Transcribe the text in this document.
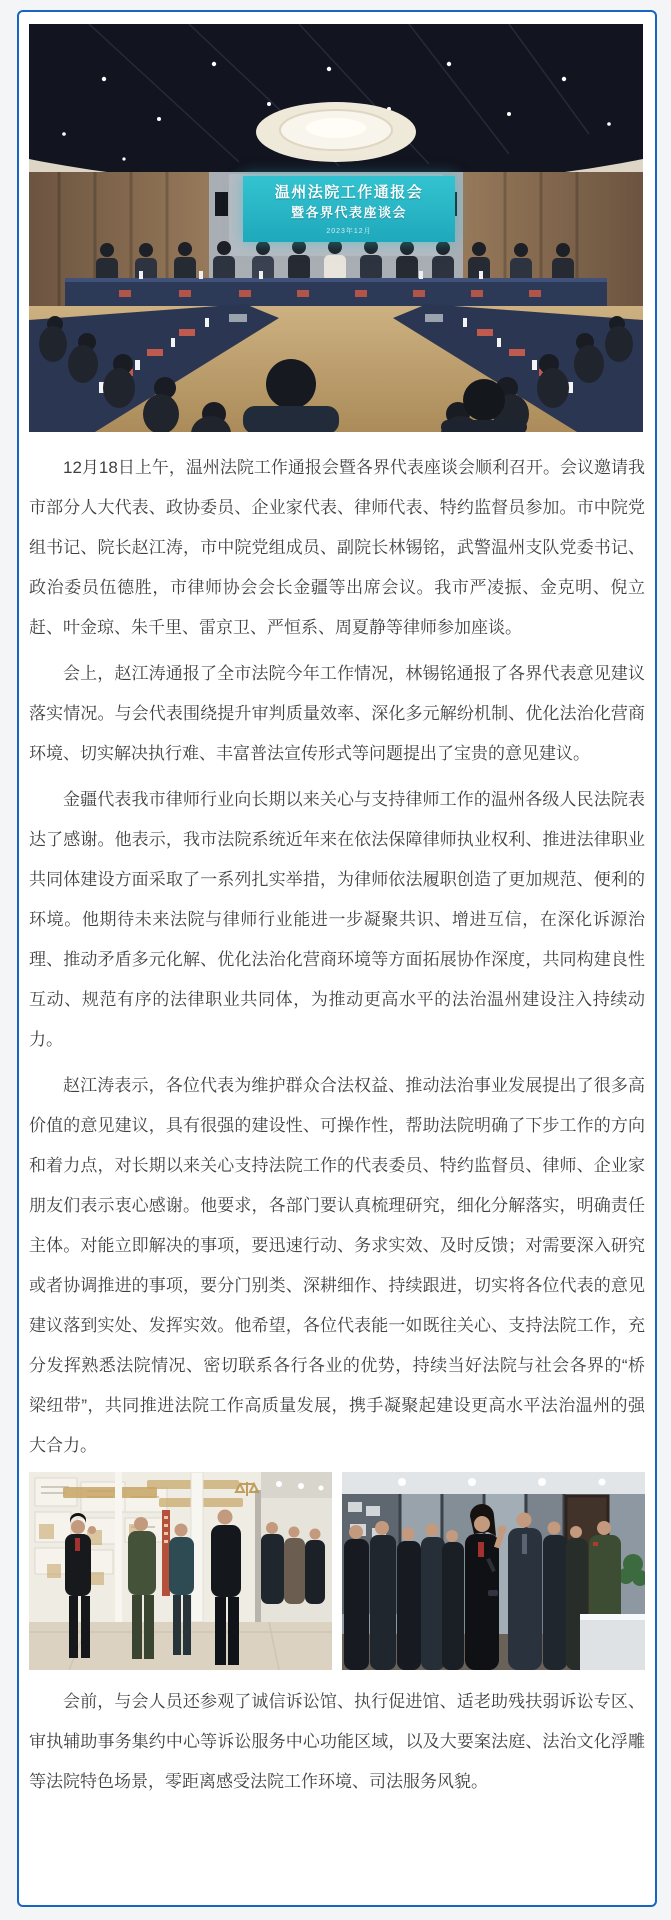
温州法院工作通报会
暨各界代表座谈会
2023年12月

12月18日上午，温州法院工作通报会暨各界代表座谈会顺利召开。会议邀请我市部分人大代表、政协委员、企业家代表、律师代表、特约监督员参加。市中院党组书记、院长赵江涛，市中院党组成员、副院长林锡铭，武警温州支队党委书记、政治委员伍德胜，市律师协会会长金疆等出席会议。我市严凌振、金克明、倪立赶、叶金琼、朱千里、雷京卫、严恒系、周夏静等律师参加座谈。

会上，赵江涛通报了全市法院今年工作情况，林锡铭通报了各界代表意见建议落实情况。与会代表围绕提升审判质量效率、深化多元解纷机制、优化法治化营商环境、切实解决执行难、丰富普法宣传形式等问题提出了宝贵的意见建议。

金疆代表我市律师行业向长期以来关心与支持律师工作的温州各级人民法院表达了感谢。他表示，我市法院系统近年来在依法保障律师执业权利、推进法律职业共同体建设方面采取了一系列扎实举措，为律师依法履职创造了更加规范、便利的环境。他期待未来法院与律师行业能进一步凝聚共识、增进互信，在深化诉源治理、推动矛盾多元化解、优化法治化营商环境等方面拓展协作深度，共同构建良性互动、规范有序的法律职业共同体，为推动更高水平的法治温州建设注入持续动力。

赵江涛表示，各位代表为维护群众合法权益、推动法治事业发展提出了很多高价值的意见建议，具有很强的建设性、可操作性，帮助法院明确了下步工作的方向和着力点，对长期以来关心支持法院工作的代表委员、特约监督员、律师、企业家朋友们表示衷心感谢。他要求，各部门要认真梳理研究，细化分解落实，明确责任主体。对能立即解决的事项，要迅速行动、务求实效、及时反馈；对需要深入研究或者协调推进的事项，要分门别类、深耕细作、持续跟进，切实将各位代表的意见建议落到实处、发挥实效。他希望，各位代表能一如既往关心、支持法院工作，充分发挥熟悉法院情况、密切联系各行各业的优势，持续当好法院与社会各界的“桥梁纽带”，共同推进法院工作高质量发展，携手凝聚起建设更高水平法治温州的强大合力。

会前，与会人员还参观了诚信诉讼馆、执行促进馆、适老助残扶弱诉讼专区、审执辅助事务集约中心等诉讼服务中心功能区域，以及大要案法庭、法治文化浮雕等法院特色场景，零距离感受法院工作环境、司法服务风貌。
